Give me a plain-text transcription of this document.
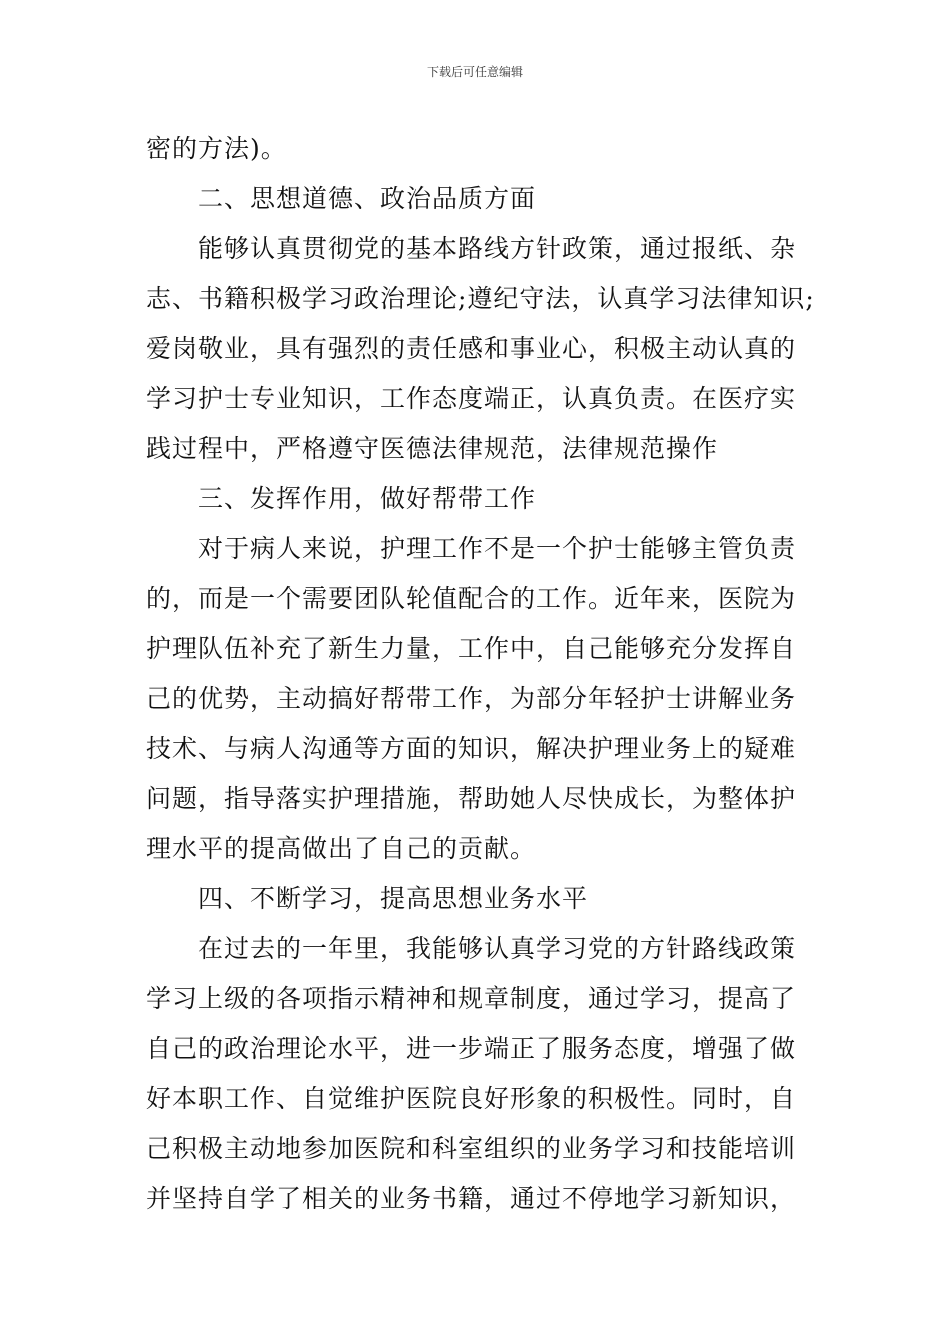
下载后可任意编辑
密的方法)。
二、思想道德、政治品质方面
能够认真贯彻党的基本路线方针政策，通过报纸、杂
志、书籍积极学习政治理论;遵纪守法，认真学习法律知识;
爱岗敬业，具有强烈的责任感和事业心，积极主动认真的
学习护士专业知识，工作态度端正，认真负责。在医疗实
践过程中，严格遵守医德法律规范，法律规范操作
三、发挥作用，做好帮带工作
对于病人来说，护理工作不是一个护士能够主管负责
的，而是一个需要团队轮值配合的工作。近年来，医院为
护理队伍补充了新生力量，工作中，自己能够充分发挥自
己的优势，主动搞好帮带工作，为部分年轻护士讲解业务
技术、与病人沟通等方面的知识，解决护理业务上的疑难
问题，指导落实护理措施，帮助她人尽快成长，为整体护
理水平的提高做出了自己的贡献。
四、不断学习，提高思想业务水平
在过去的一年里，我能够认真学习党的方针路线政策
学习上级的各项指示精神和规章制度，通过学习，提高了
自己的政治理论水平，进一步端正了服务态度，增强了做
好本职工作、自觉维护医院良好形象的积极性。同时，自
己积极主动地参加医院和科室组织的业务学习和技能培训
并坚持自学了相关的业务书籍，通过不停地学习新知识，
